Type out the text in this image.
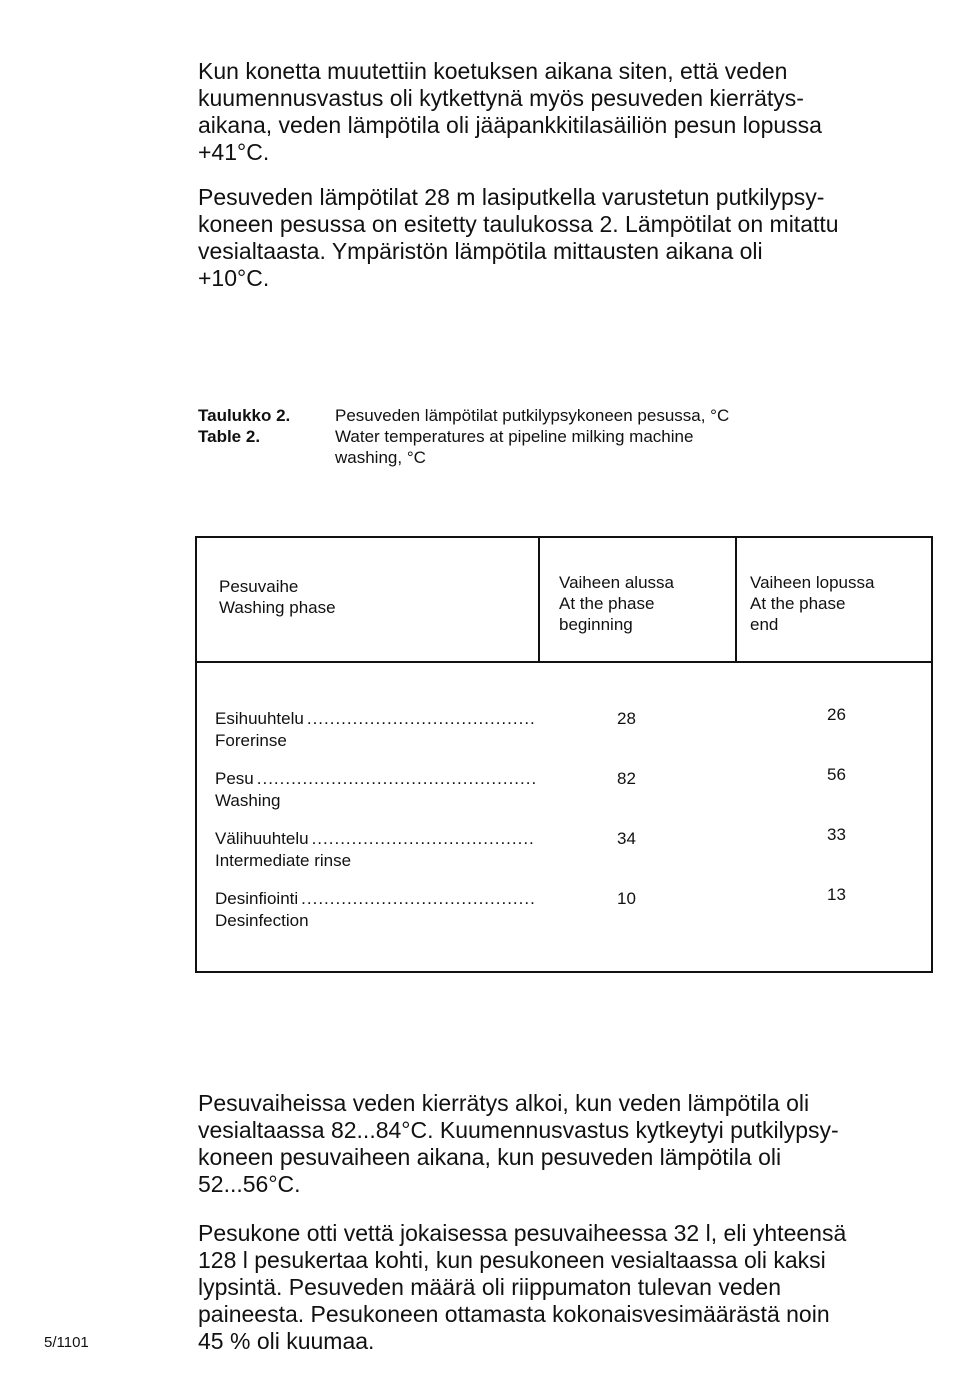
Kun konetta muutettiin koetuksen aikana siten, että veden
kuumennusvastus oli kytkettynä myös pesuveden kierrätys-
aikana, veden lämpötila oli jääpankkitilasäiliön pesun lopussa
+41°C.
Pesuveden lämpötilat 28 m lasiputkella varustetun putkilypsy-
koneen pesussa on esitetty taulukossa 2. Lämpötilat on mitattu
vesialtaasta. Ympäristön lämpötila mittausten aikana oli
+10°C.
Taulukko 2.
Table 2.
Pesuveden lämpötilat putkilypsykoneen pesussa, °C
Water temperatures at pipeline milking machine
washing, °C
Pesuvaihe
Washing phase
Vaiheen alussa
At the phase
beginning
Vaiheen lopussa
At the phase
end
Esihuuhtelu
.....
Forerinse
28	26
Pesu
.....
Washing
82	56
Välihuuhtelu
.....
Intermediate rinse
34	33
Desinfiointi
.....
Desinfection
10	13
Pesuvaiheissa veden kierrätys alkoi, kun veden lämpötila oli
vesialtaassa 82...84°C. Kuumennusvastus kytkeytyi putkilypsy-
koneen pesuvaiheen aikana, kun pesuveden lämpötila oli
52...56°C.
Pesukone otti vettä jokaisessa pesuvaiheessa 32 l, eli yhteensä
128 l pesukertaa kohti, kun pesukoneen vesialtaassa oli kaksi
lypsintä. Pesuveden määrä oli riippumaton tulevan veden
paineesta. Pesukoneen ottamasta kokonaisvesimäärästä noin
45 % oli kuumaa.
5/1101
